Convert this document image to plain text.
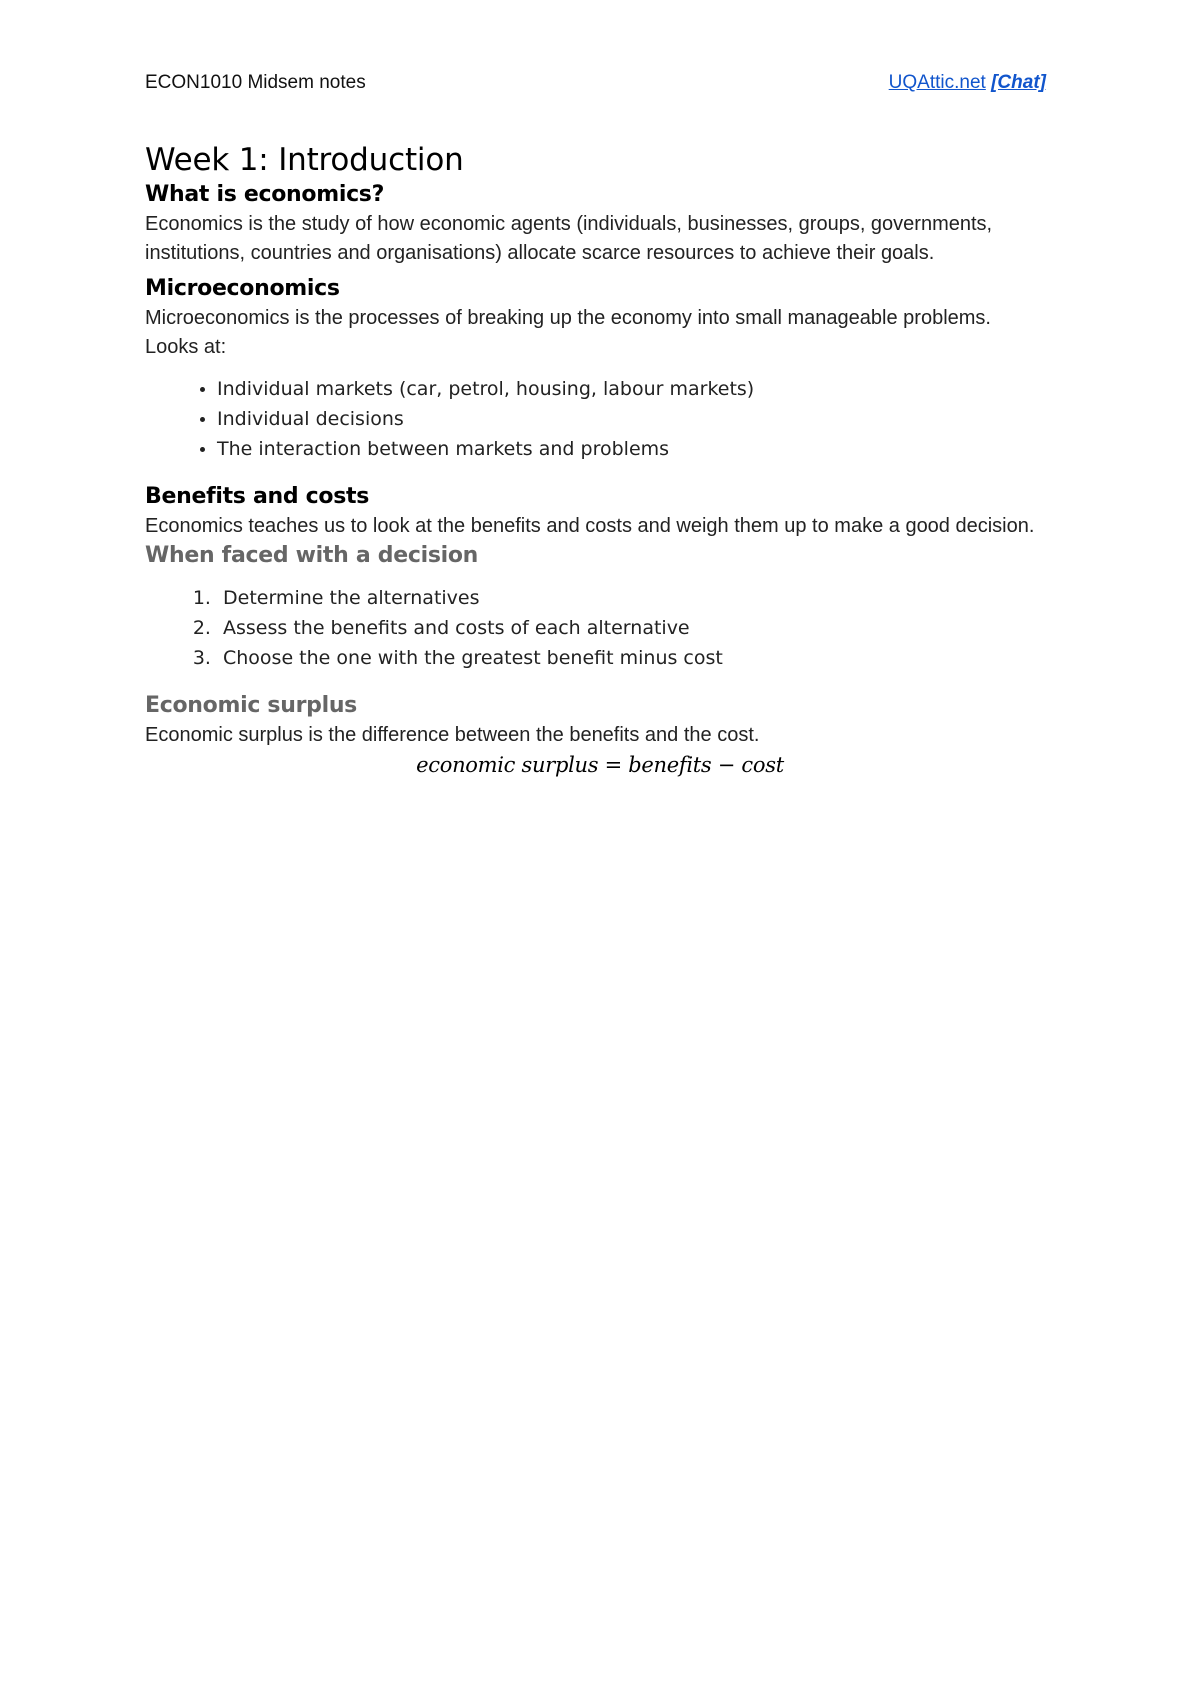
ECON1010 Midsem notes	UQAttic.net [Chat]
Week 1: Introduction
What is economics?

Economics is the study of how economic agents (individuals, businesses, groups, governments, institutions, countries and organisations) allocate scarce resources to achieve their goals.

Microeconomics

Microeconomics is the processes of breaking up the economy into small manageable problems.

Looks at:

• Individual markets (car, petrol, housing, labour markets)
• Individual decisions
• The interaction between markets and problems
Benefits and costs

Economics teaches us to look at the benefits and costs and weigh them up to make a good decision.

When faced with a decision
1. Determine the alternatives
2. Assess the benefits and costs of each alternative
3. Choose the one with the greatest benefit minus cost
Economic surplus

Economic surplus is the difference between the benefits and the cost.

economic surplus = benefits − cost
